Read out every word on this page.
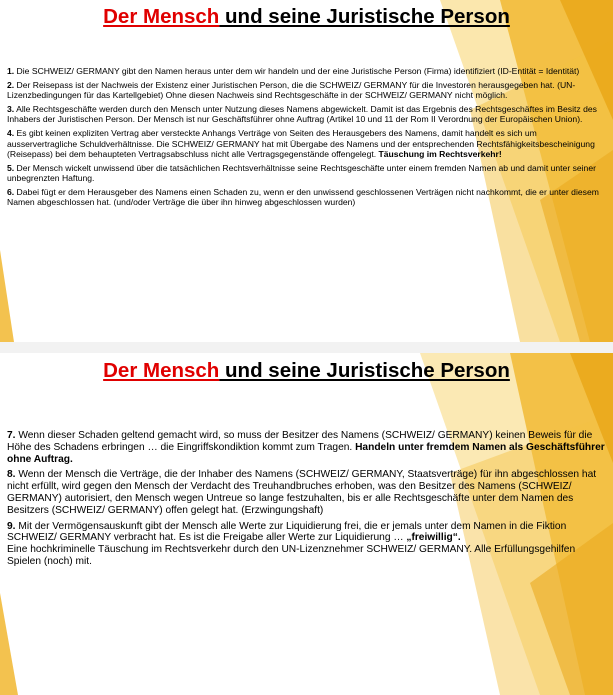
Der Mensch und seine Juristische Person

1. Die SCHWEIZ/ GERMANY gibt den Namen heraus unter dem wir handeln und der eine Juristische Person (Firma) identifiziert (ID-Entität = Identität)

2. Der Reisepass ist der Nachweis der Existenz einer Juristischen Person, die die SCHWEIZ/ GERMANY für die Investoren herausgegeben hat. (UN-Lizenzbedingungen für das Kartellgebiet) Ohne diesen Nachweis sind Rechtsgeschäfte in der SCHWEIZ/ GERMANY nicht möglich.

3. Alle Rechtsgeschäfte werden durch den Mensch unter Nutzung dieses Namens abgewickelt. Damit ist das Ergebnis des Rechtsgeschäftes im Besitz des Inhabers der Juristischen Person. Der Mensch ist nur Geschäftsführer ohne Auftrag (Artikel 10 und 11 der Rom II Verordnung der Europäischen Union).

4. Es gibt keinen expliziten Vertrag aber versteckte Anhangs Verträge von Seiten des Herausgebers des Namens, damit handelt es sich um ausservertragliche Schuldverhältnisse. Die SCHWEIZ/ GERMANY hat mit Übergabe des Namens und der entsprechenden Rechtsfähigkeitsbescheinigung (Reisepass) bei dem behaupteten Vertragsabschluss nicht alle Vertragsgegenstände offengelegt. Täuschung im Rechtsverkehr!

5. Der Mensch wickelt unwissend über die tatsächlichen Rechtsverhältnisse seine Rechtsgeschäfte unter einem fremden Namen ab und damit unter seiner unbegrenzten Haftung.

6. Dabei fügt er dem Herausgeber des Namens einen Schaden zu, wenn er den unwissend geschlossenen Verträgen nicht nachkommt, die er unter diesem Namen abgeschlossen hat. (und/oder Verträge die über ihn hinweg abgeschlossen wurden)

Der Mensch und seine Juristische Person

7. Wenn dieser Schaden geltend gemacht wird, so muss der Besitzer des Namens (SCHWEIZ/ GERMANY) keinen Beweis für die Höhe des Schadens erbringen … die Eingriffskondiktion kommt zum Tragen. Handeln unter fremdem Namen als Geschäftsführer ohne Auftrag.

8. Wenn der Mensch die Verträge, die der Inhaber des Namens (SCHWEIZ/ GERMANY, Staatsverträge) für ihn abgeschlossen hat nicht erfüllt, wird gegen den Mensch der Verdacht des Treuhandbruches erhoben, was den Besitzer des Namens (SCHWEIZ/ GERMANY) autorisiert, den Mensch wegen Untreue so lange festzuhalten, bis er alle Rechtsgeschäfte unter dem Namen des Besitzers (SCHWEIZ/ GERMANY) offen gelegt hat. (Erzwingungshaft)

9. Mit der Vermögensauskunft gibt der Mensch alle Werte zur Liquidierung frei, die er jemals unter dem Namen in die Fiktion SCHWEIZ/ GERMANY verbracht hat. Es ist die Freigabe aller Werte zur Liquidierung … „freiwillig“.

Eine hochkriminelle Täuschung im Rechtsverkehr durch den UN-Lizenznehmer SCHWEIZ/ GERMANY. Alle Erfüllungsgehilfen Spielen (noch) mit.
